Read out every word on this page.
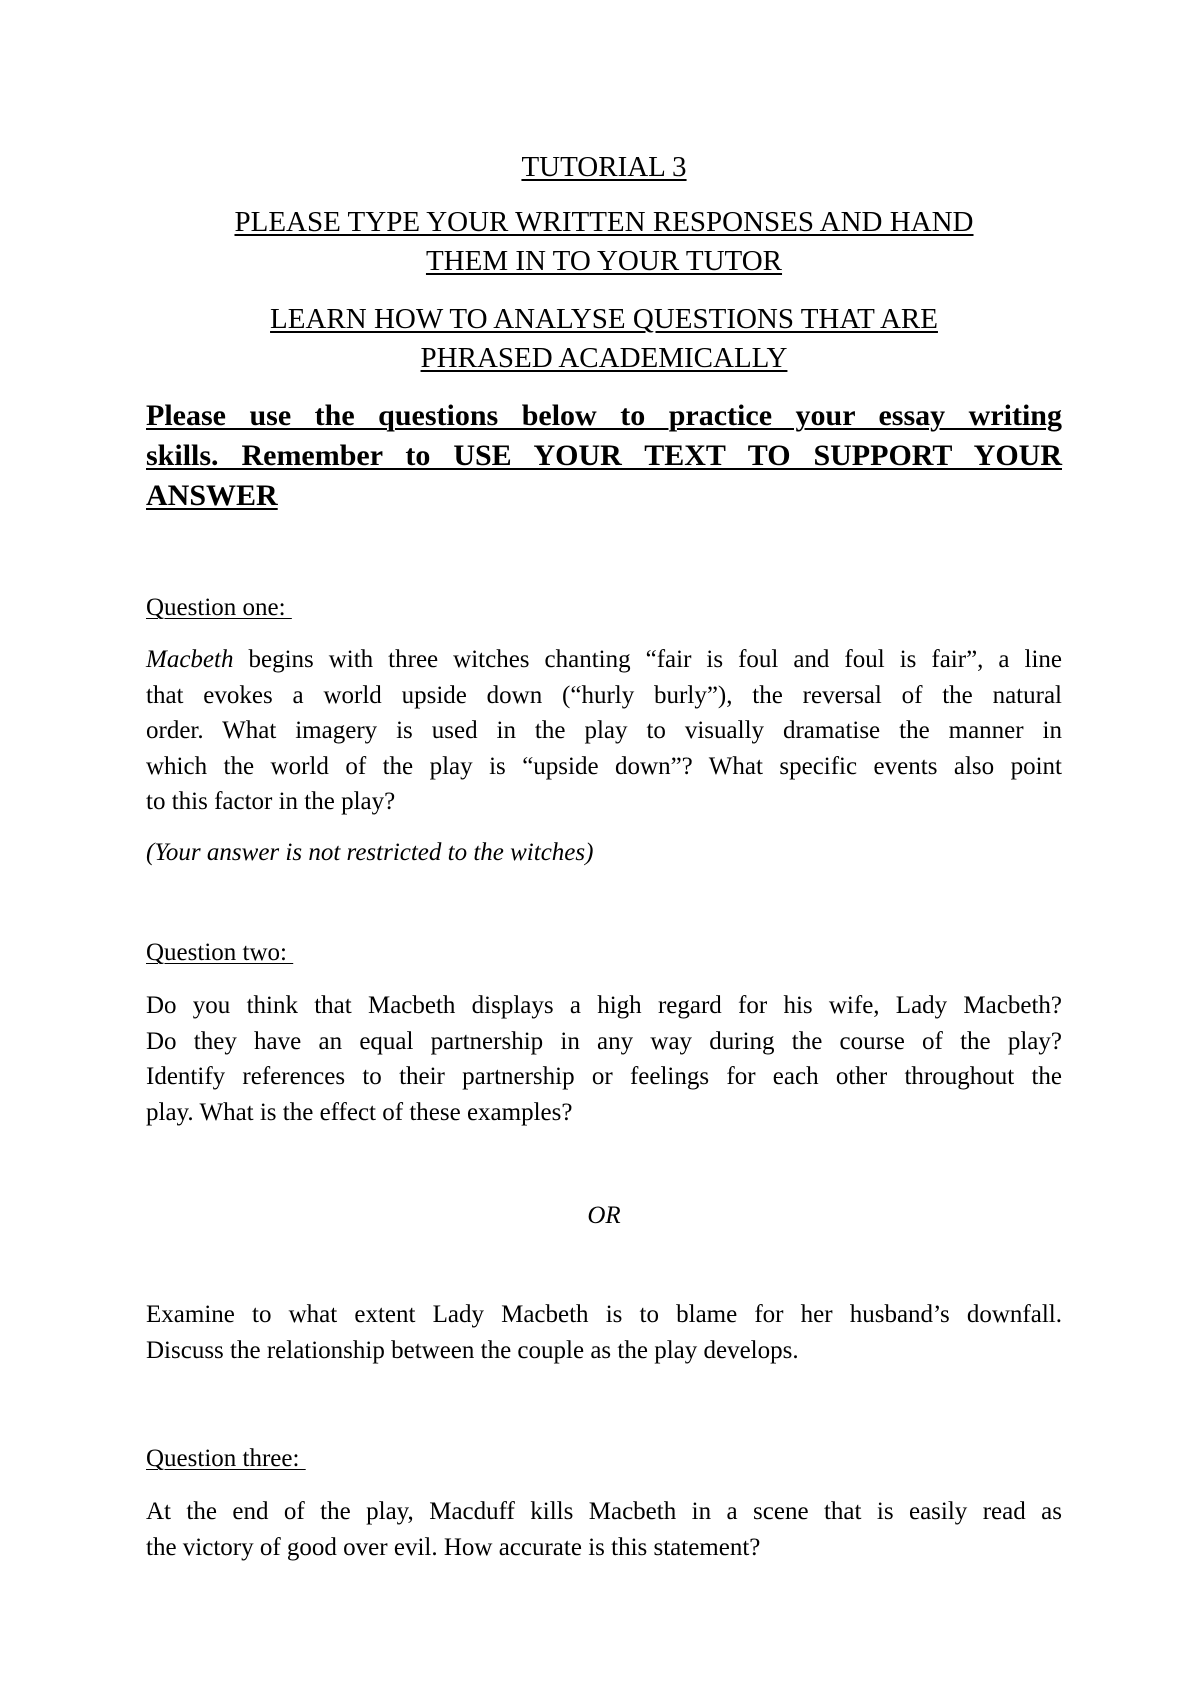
TUTORIAL 3
PLEASE TYPE YOUR WRITTEN RESPONSES AND HAND
THEM IN TO YOUR TUTOR
LEARN HOW TO ANALYSE QUESTIONS THAT ARE
PHRASED ACADEMICALLY
Please use the questions below to practice your essay writing
skills. Remember to USE YOUR TEXT TO SUPPORT YOUR
ANSWER
Question one:
Macbeth begins with three witches chanting “fair is foul and foul is fair”, a line
that evokes a world upside down (“hurly burly”), the reversal of the natural
order. What imagery is used in the play to visually dramatise the manner in
which the world of the play is “upside down”? What specific events also point
to this factor in the play?
(Your answer is not restricted to the witches)
Question two:
Do you think that Macbeth displays a high regard for his wife, Lady Macbeth?
Do they have an equal partnership in any way during the course of the play?
Identify references to their partnership or feelings for each other throughout the
play. What is the effect of these examples?
OR
Examine to what extent Lady Macbeth is to blame for her husband’s downfall.
Discuss the relationship between the couple as the play develops.
Question three:
At the end of the play, Macduff kills Macbeth in a scene that is easily read as
the victory of good over evil. How accurate is this statement?
